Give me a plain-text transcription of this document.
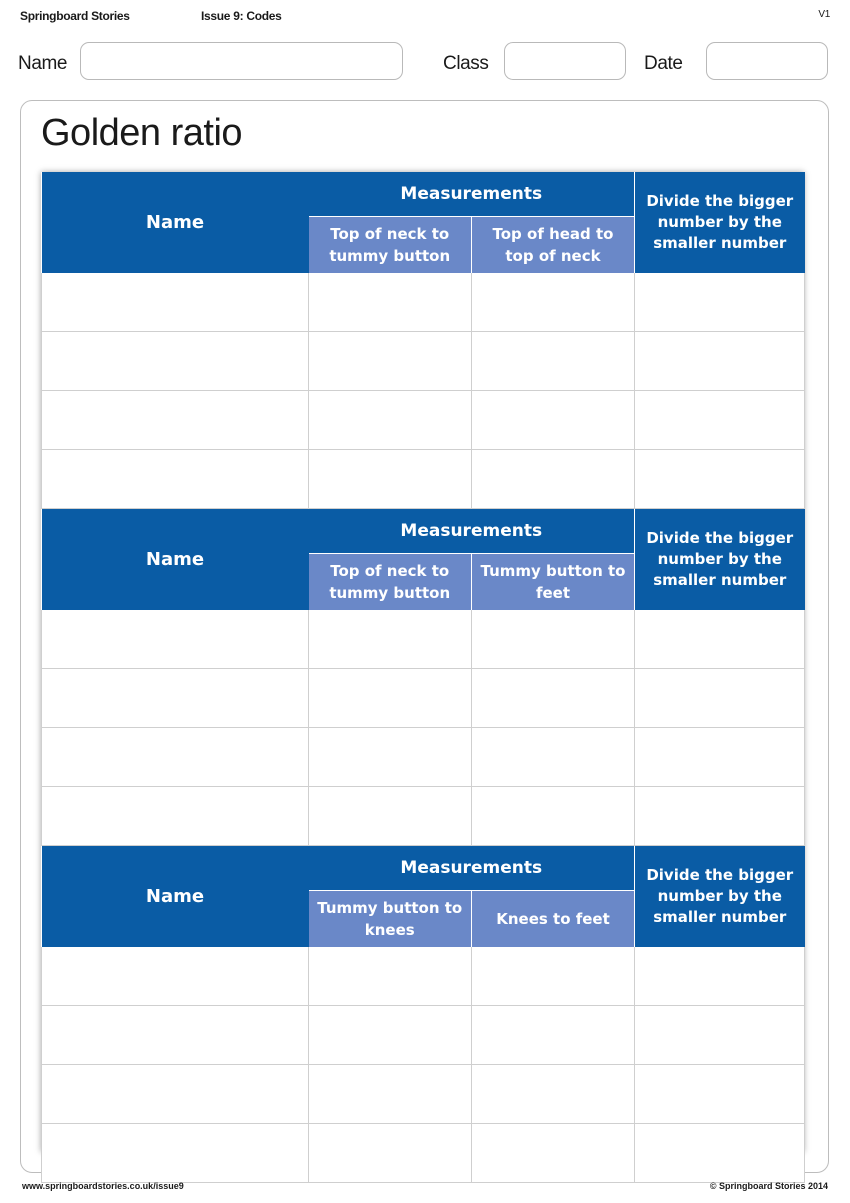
Springboard Stories	Issue 9: Codes	V1
Name	Class	Date
Golden ratio
Name	Measurements		Divide the bigger number by the smaller number
	Top of neck to tummy button	Top of head to top of neck	

Name	Measurements		Divide the bigger number by the smaller number
	Top of neck to tummy button	Tummy button to feet	

Name	Measurements		Divide the bigger number by the smaller number
	Tummy button to knees	Knees to feet	

www.springboardstories.co.uk/issue9	© Springboard Stories 2014
